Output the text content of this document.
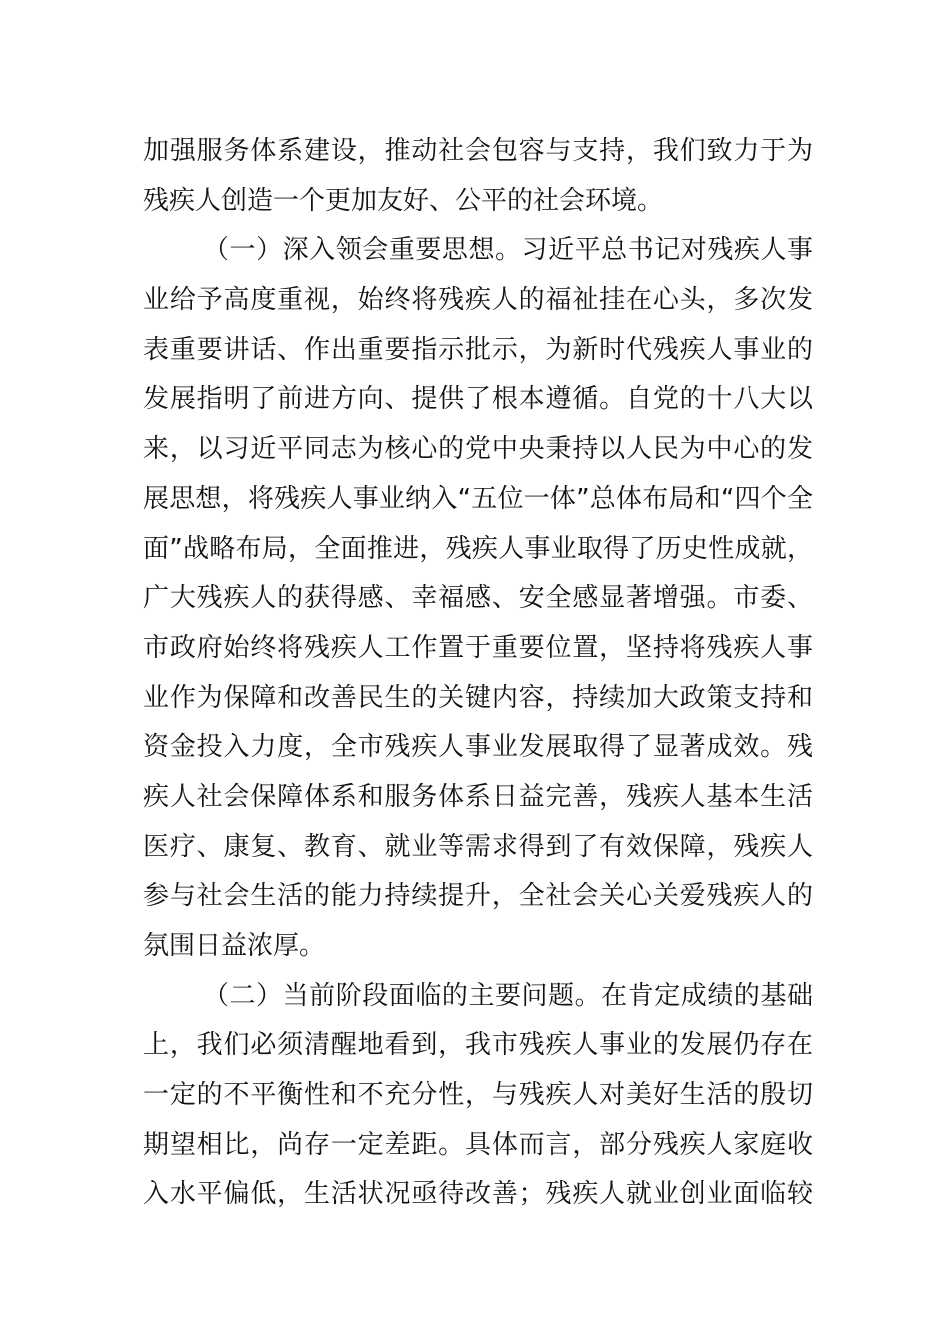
加强服务体系建设，推动社会包容与支持，我们致力于为
残疾人创造一个更加友好、公平的社会环境。
（一）深入领会重要思想。习近平总书记对残疾人事
业给予高度重视，始终将残疾人的福祉挂在心头，多次发
表重要讲话、作出重要指示批示，为新时代残疾人事业的
发展指明了前进方向、提供了根本遵循。自党的十八大以
来，以习近平同志为核心的党中央秉持以人民为中心的发
展思想，将残疾人事业纳入“五位一体”总体布局和“四个全
面”战略布局，全面推进，残疾人事业取得了历史性成就，
广大残疾人的获得感、幸福感、安全感显著增强。市委、
市政府始终将残疾人工作置于重要位置，坚持将残疾人事
业作为保障和改善民生的关键内容，持续加大政策支持和
资金投入力度，全市残疾人事业发展取得了显著成效。残
疾人社会保障体系和服务体系日益完善，残疾人基本生活
医疗、康复、教育、就业等需求得到了有效保障，残疾人
参与社会生活的能力持续提升，全社会关心关爱残疾人的
氛围日益浓厚。
（二）当前阶段面临的主要问题。在肯定成绩的基础
上，我们必须清醒地看到，我市残疾人事业的发展仍存在
一定的不平衡性和不充分性，与残疾人对美好生活的殷切
期望相比，尚存一定差距。具体而言，部分残疾人家庭收
入水平偏低，生活状况亟待改善；残疾人就业创业面临较
